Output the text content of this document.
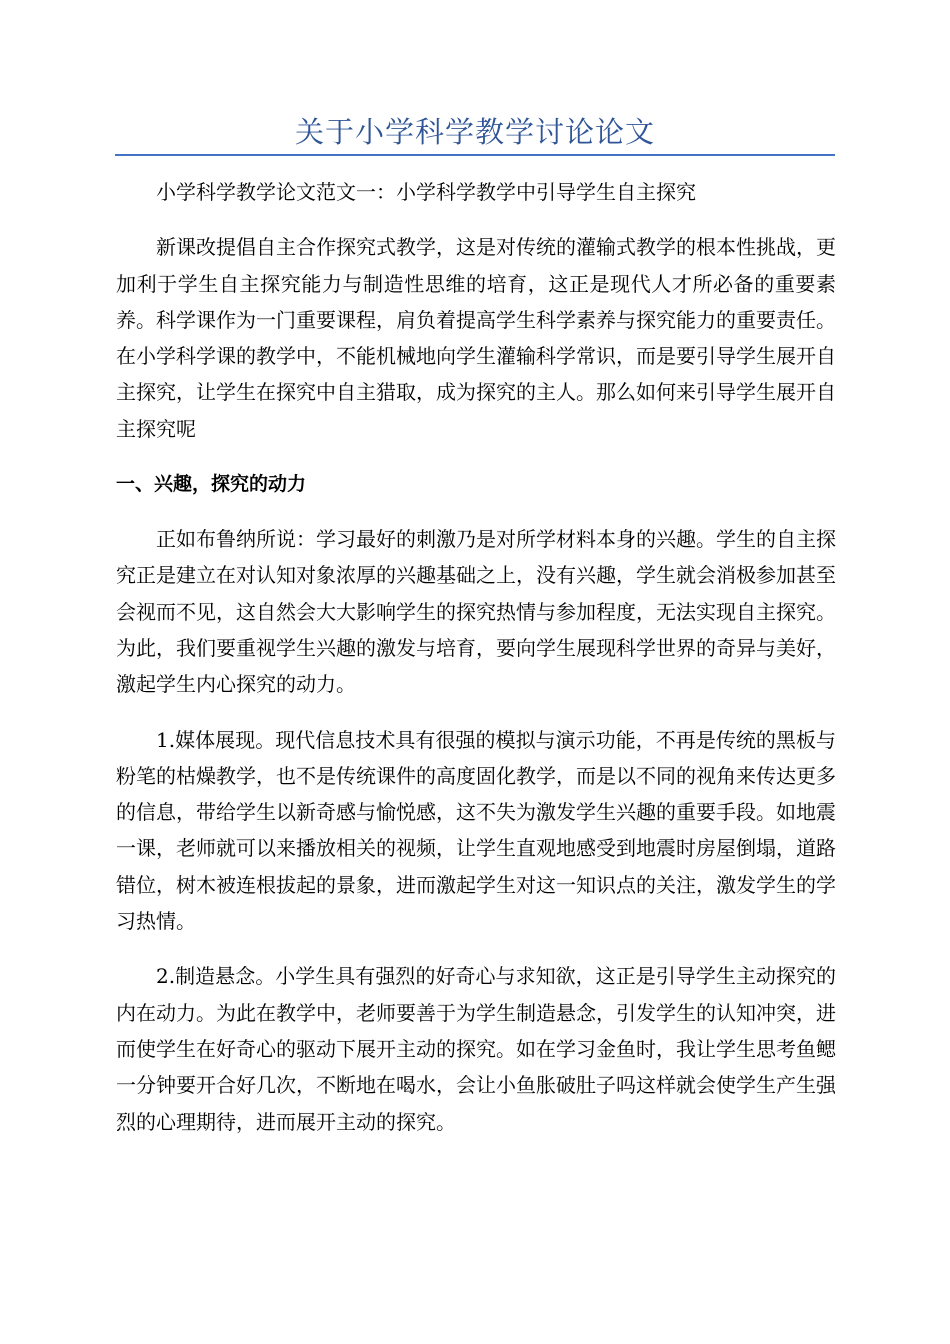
关于小学科学教学讨论论文

小学科学教学论文范文一：小学科学教学中引导学生自主探究

新课改提倡自主合作探究式教学，这是对传统的灌输式教学的根本性挑战，更加利于学生自主探究能力与制造性思维的培育，这正是现代人才所必备的重要素养。科学课作为一门重要课程，肩负着提高学生科学素养与探究能力的重要责任。在小学科学课的教学中，不能机械地向学生灌输科学常识，而是要引导学生展开自主探究，让学生在探究中自主猎取，成为探究的主人。那么如何来引导学生展开自主探究呢

一、兴趣，探究的动力

正如布鲁纳所说：学习最好的刺激乃是对所学材料本身的兴趣。学生的自主探究正是建立在对认知对象浓厚的兴趣基础之上，没有兴趣，学生就会消极参加甚至会视而不见，这自然会大大影响学生的探究热情与参加程度，无法实现自主探究。为此，我们要重视学生兴趣的激发与培育，要向学生展现科学世界的奇异与美好，激起学生内心探究的动力。

1.媒体展现。现代信息技术具有很强的模拟与演示功能，不再是传统的黑板与粉笔的枯燥教学，也不是传统课件的高度固化教学，而是以不同的视角来传达更多的信息，带给学生以新奇感与愉悦感，这不失为激发学生兴趣的重要手段。如地震一课，老师就可以来播放相关的视频，让学生直观地感受到地震时房屋倒塌，道路错位，树木被连根拔起的景象，进而激起学生对这一知识点的关注，激发学生的学习热情。

2.制造悬念。小学生具有强烈的好奇心与求知欲，这正是引导学生主动探究的内在动力。为此在教学中，老师要善于为学生制造悬念，引发学生的认知冲突，进而使学生在好奇心的驱动下展开主动的探究。如在学习金鱼时，我让学生思考鱼鳃一分钟要开合好几次，不断地在喝水，会让小鱼胀破肚子吗这样就会使学生产生强烈的心理期待，进而展开主动的探究。
